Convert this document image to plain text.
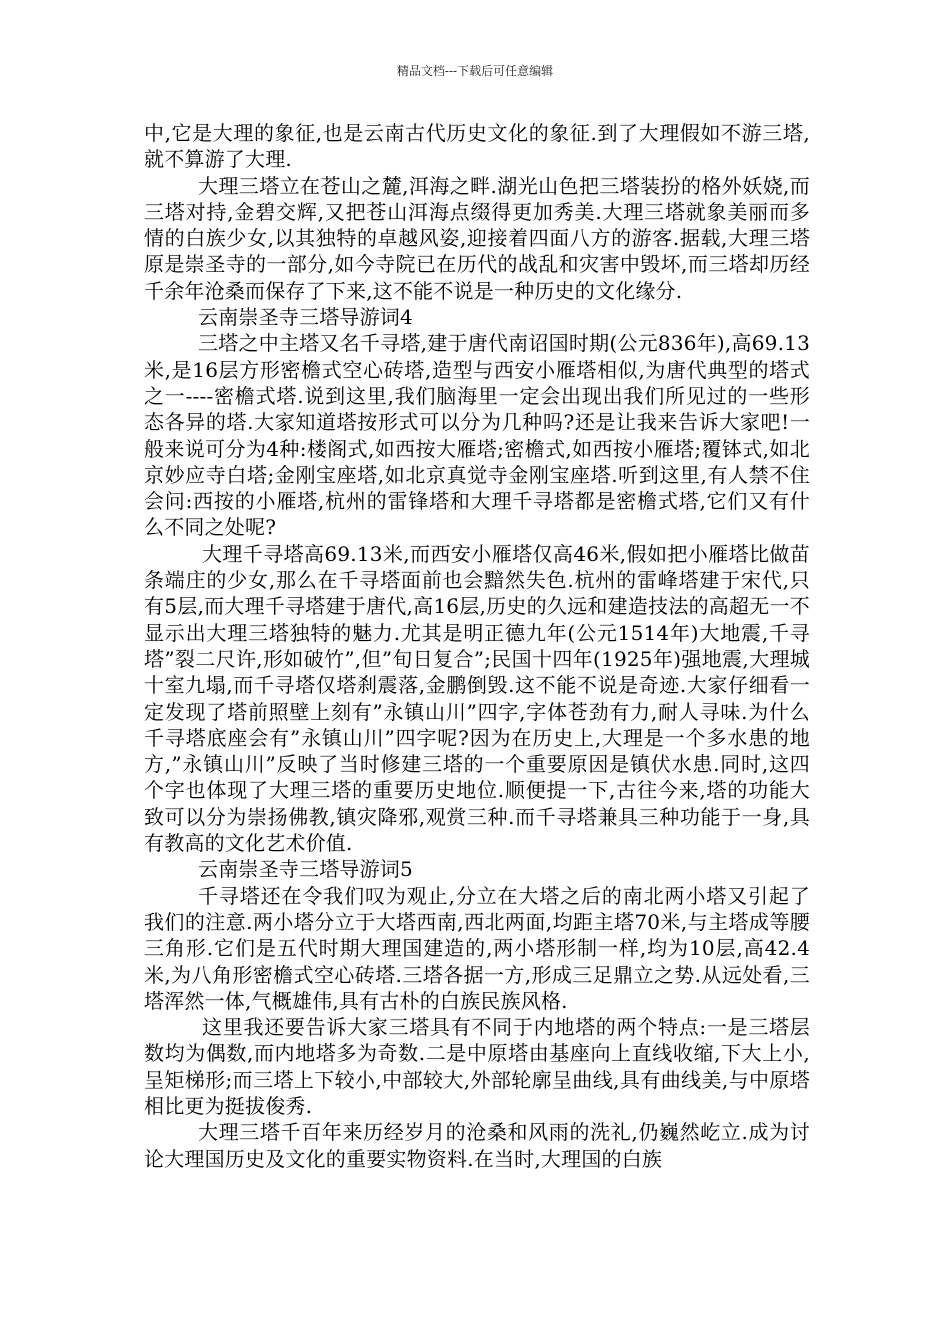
精品文档---下载后可任意编辑

中,它是大理的象征,也是云南古代历史文化的象征.到了大理假如不游三塔,就不算游了大理.

大理三塔立在苍山之麓,洱海之畔.湖光山色把三塔装扮的格外妖娆,而三塔对持,金碧交辉,又把苍山洱海点缀得更加秀美.大理三塔就象美丽而多情的白族少女,以其独特的卓越风姿,迎接着四面八方的游客.据载,大理三塔原是崇圣寺的一部分,如今寺院已在历代的战乱和灾害中毁坏,而三塔却历经千余年沧桑而保存了下来,这不能不说是一种历史的文化缘分.

云南崇圣寺三塔导游词4

三塔之中主塔又名千寻塔,建于唐代南诏国时期(公元836年),高69.13米,是16层方形密檐式空心砖塔,造型与西安小雁塔相似,为唐代典型的塔式之一----密檐式塔.说到这里,我们脑海里一定会出现出我们所见过的一些形态各异的塔.大家知道塔按形式可以分为几种吗?还是让我来告诉大家吧!一般来说可分为4种:楼阁式,如西按大雁塔;密檐式,如西按小雁塔;覆钵式,如北京妙应寺白塔;金刚宝座塔,如北京真觉寺金刚宝座塔.听到这里,有人禁不住会问:西按的小雁塔,杭州的雷锋塔和大理千寻塔都是密檐式塔,它们又有什么不同之处呢?

大理千寻塔高69.13米,而西安小雁塔仅高46米,假如把小雁塔比做苗条端庄的少女,那么在千寻塔面前也会黯然失色.杭州的雷峰塔建于宋代,只有5层,而大理千寻塔建于唐代,高16层,历史的久远和建造技法的高超无一不显示出大理三塔独特的魅力.尤其是明正德九年(公元1514年)大地震,千寻塔”裂二尺许,形如破竹”,但”旬日复合”;民国十四年(1925年)强地震,大理城十室九塌,而千寻塔仅塔刹震落,金鹏倒毁.这不能不说是奇迹.大家仔细看一定发现了塔前照壁上刻有”永镇山川”四字,字体苍劲有力,耐人寻味.为什么千寻塔底座会有”永镇山川”四字呢?因为在历史上,大理是一个多水患的地方,”永镇山川”反映了当时修建三塔的一个重要原因是镇伏水患.同时,这四个字也体现了大理三塔的重要历史地位.顺便提一下,古往今来,塔的功能大致可以分为崇扬佛教,镇灾降邪,观赏三种.而千寻塔兼具三种功能于一身,具有教高的文化艺术价值.

云南崇圣寺三塔导游词5

千寻塔还在令我们叹为观止,分立在大塔之后的南北两小塔又引起了我们的注意.两小塔分立于大塔西南,西北两面,均距主塔70米,与主塔成等腰三角形.它们是五代时期大理国建造的,两小塔形制一样,均为10层,高42.4米,为八角形密檐式空心砖塔.三塔各据一方,形成三足鼎立之势.从远处看,三塔浑然一体,气概雄伟,具有古朴的白族民族风格.

这里我还要告诉大家三塔具有不同于内地塔的两个特点:一是三塔层数均为偶数,而内地塔多为奇数.二是中原塔由基座向上直线收缩,下大上小,呈矩梯形;而三塔上下较小,中部较大,外部轮廓呈曲线,具有曲线美,与中原塔相比更为挺拔俊秀.

大理三塔千百年来历经岁月的沧桑和风雨的洗礼,仍巍然屹立.成为讨论大理国历史及文化的重要实物资料.在当时,大理国的白族
